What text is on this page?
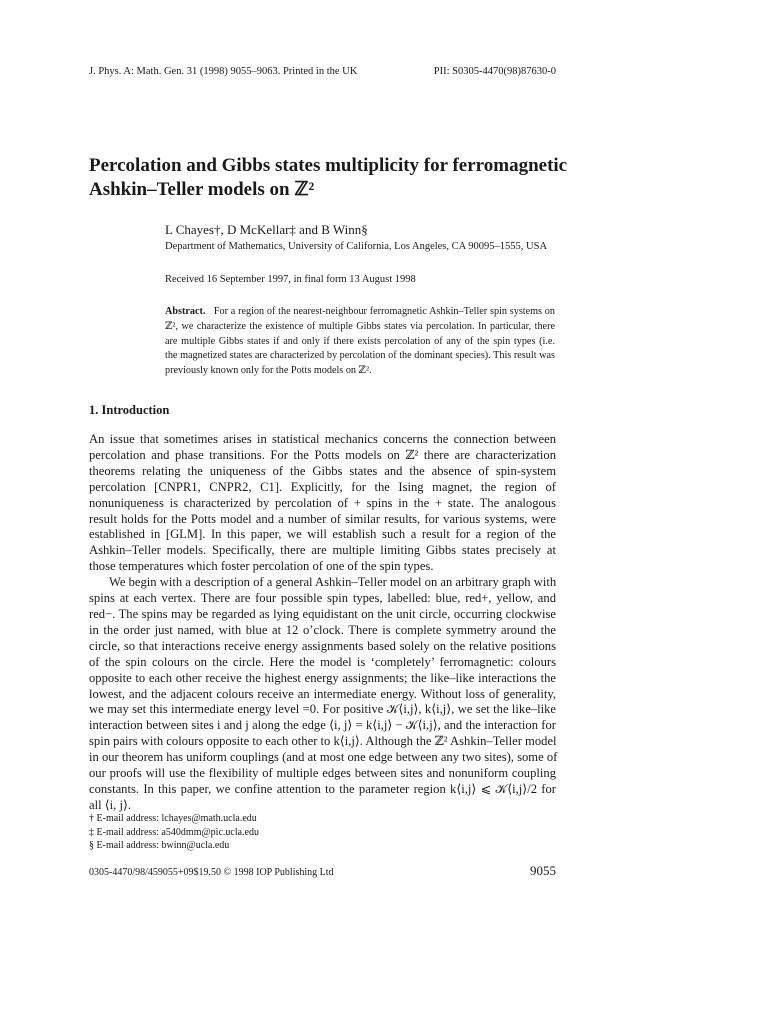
J. Phys. A: Math. Gen. 31 (1998) 9055–9063. Printed in the UK	PII: S0305-4470(98)87630-0
Percolation and Gibbs states multiplicity for ferromagnetic
Ashkin–Teller models on ℤ²
L Chayes†, D McKellar‡ and B Winn§
Department of Mathematics, University of California, Los Angeles, CA 90095–1555, USA
Received 16 September 1997, in final form 13 August 1998
Abstract. For a region of the nearest-neighbour ferromagnetic Ashkin–Teller spin systems on
ℤ², we characterize the existence of multiple Gibbs states via percolation. In particular, there
are multiple Gibbs states if and only if there exists percolation of any of the spin types (i.e.
the magnetized states are characterized by percolation of the dominant species). This result was
previously known only for the Potts models on ℤ².
1. Introduction
An issue that sometimes arises in statistical mechanics concerns the connection between
percolation and phase transitions. For the Potts models on ℤ² there are characterization
theorems relating the uniqueness of the Gibbs states and the absence of spin-system
percolation [CNPR1, CNPR2, C1]. Explicitly, for the Ising magnet, the region of
nonuniqueness is characterized by percolation of + spins in the + state. The analogous
result holds for the Potts model and a number of similar results, for various systems, were
established in [GLM]. In this paper, we will establish such a result for a region of the
Ashkin–Teller models. Specifically, there are multiple limiting Gibbs states precisely at
those temperatures which foster percolation of one of the spin types.
We begin with a description of a general Ashkin–Teller model on an arbitrary graph with
spins at each vertex. There are four possible spin types, labelled: blue, red+, yellow, and
red−. The spins may be regarded as lying equidistant on the unit circle, occurring clockwise
in the order just named, with blue at 12 o’clock. There is complete symmetry around the
circle, so that interactions receive energy assignments based solely on the relative positions
of the spin colours on the circle. Here the model is ‘completely’ ferromagnetic: colours
opposite to each other receive the highest energy assignments; the like–like interactions the
lowest, and the adjacent colours receive an intermediate energy. Without loss of generality,
we may set this intermediate energy level =0. For positive 𝒦⟨i,j⟩, k⟨i,j⟩, we set the like–like
interaction between sites i and j along the edge ⟨i, j⟩ = k⟨i,j⟩ − 𝒦⟨i,j⟩, and the interaction for
spin pairs with colours opposite to each other to k⟨i,j⟩. Although the ℤ² Ashkin–Teller model
in our theorem has uniform couplings (and at most one edge between any two sites), some of
our proofs will use the flexibility of multiple edges between sites and nonuniform coupling
constants. In this paper, we confine attention to the parameter region k⟨i,j⟩ ⩽ 𝒦⟨i,j⟩/2 for
all ⟨i, j⟩.
† E-mail address: lchayes@math.ucla.edu
‡ E-mail address: a540dmm@pic.ucla.edu
§ E-mail address: bwinn@ucla.edu
0305-4470/98/459055+09$19.50 © 1998 IOP Publishing Ltd	9055
